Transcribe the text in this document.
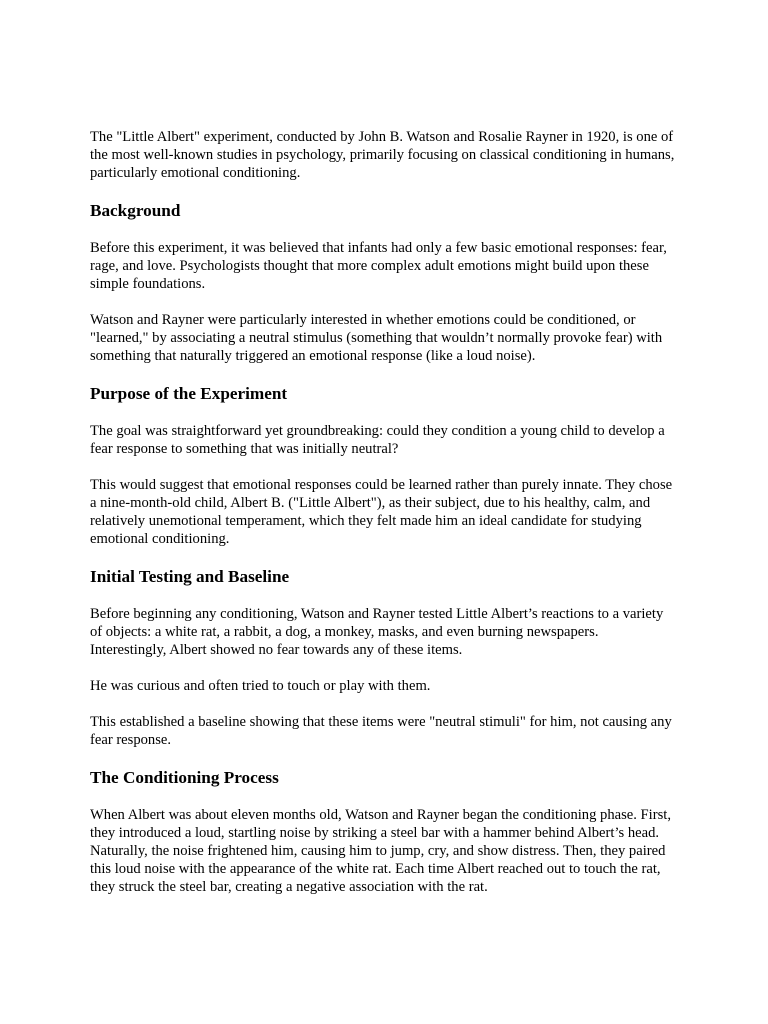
The "Little Albert" experiment, conducted by John B. Watson and Rosalie Rayner in 1920, is one of the most well-known studies in psychology, primarily focusing on classical conditioning in humans, particularly emotional conditioning.

Background

Before this experiment, it was believed that infants had only a few basic emotional responses: fear, rage, and love. Psychologists thought that more complex adult emotions might build upon these simple foundations.

Watson and Rayner were particularly interested in whether emotions could be conditioned, or "learned," by associating a neutral stimulus (something that wouldn’t normally provoke fear) with something that naturally triggered an emotional response (like a loud noise).

Purpose of the Experiment

The goal was straightforward yet groundbreaking: could they condition a young child to develop a fear response to something that was initially neutral?

This would suggest that emotional responses could be learned rather than purely innate. They chose a nine-month-old child, Albert B. ("Little Albert"), as their subject, due to his healthy, calm, and relatively unemotional temperament, which they felt made him an ideal candidate for studying emotional conditioning.

Initial Testing and Baseline

Before beginning any conditioning, Watson and Rayner tested Little Albert’s reactions to a variety of objects: a white rat, a rabbit, a dog, a monkey, masks, and even burning newspapers. Interestingly, Albert showed no fear towards any of these items.

He was curious and often tried to touch or play with them.

This established a baseline showing that these items were "neutral stimuli" for him, not causing any fear response.

The Conditioning Process

When Albert was about eleven months old, Watson and Rayner began the conditioning phase. First, they introduced a loud, startling noise by striking a steel bar with a hammer behind Albert’s head. Naturally, the noise frightened him, causing him to jump, cry, and show distress. Then, they paired this loud noise with the appearance of the white rat. Each time Albert reached out to touch the rat, they struck the steel bar, creating a negative association with the rat.
